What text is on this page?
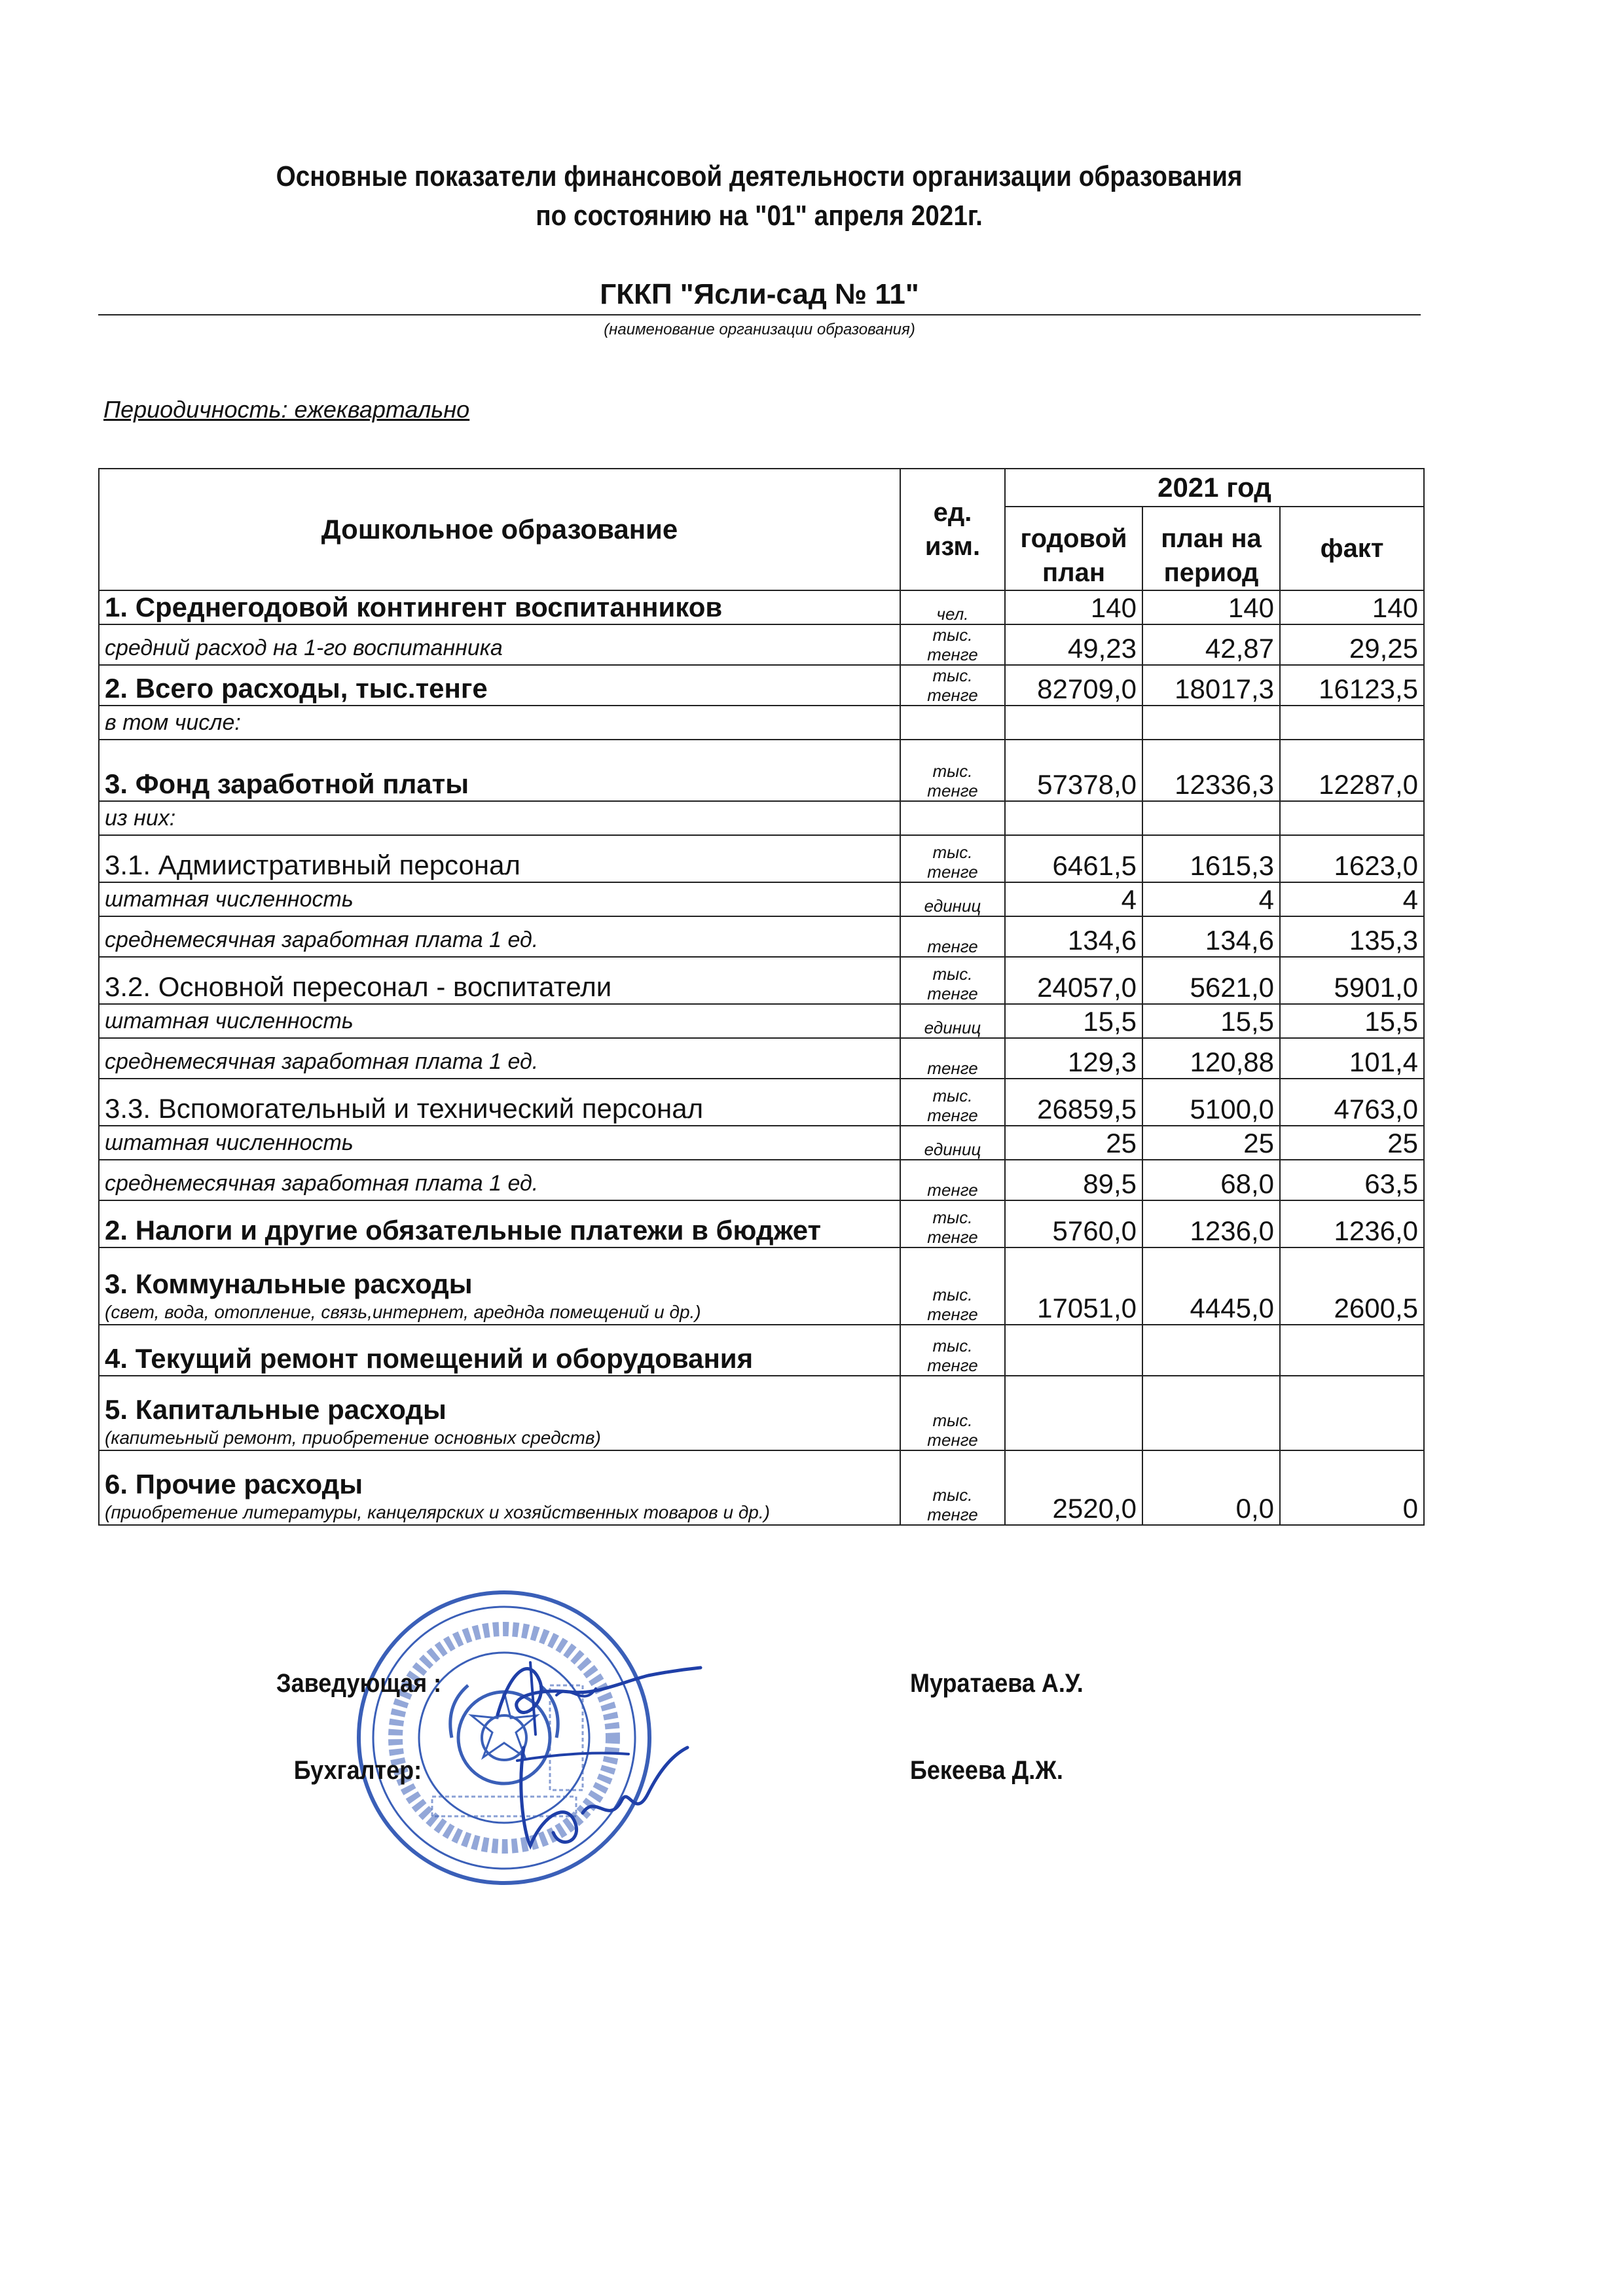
Основные показатели финансовой деятельности организации образования
по состоянию на "01" апреля 2021г.
ГККП "Ясли-сад № 11"
(наименование организации образования)
Периодичность: ежеквартально
Дошкольное образование	ед. изм.	2021 год		
		годовой план	план на период	факт
1. Среднегодовой контингент воспитанников	чел.	140	140	140
средний расход на 1-го воспитанника	тыс. тенге	49,23	42,87	29,25
2. Всего расходы, тыс.тенге	тыс. тенге	82709,0	18017,3	16123,5
в том числе:				
3. Фонд заработной платы	тыс. тенге	57378,0	12336,3	12287,0
из них:				
3.1. Адмиистративный персонал	тыс. тенге	6461,5	1615,3	1623,0
штатная численность	единиц	4	4	4
среднемесячная заработная плата 1 ед.	тенге	134,6	134,6	135,3
3.2. Основной пересонал - воспитатели	тыс. тенге	24057,0	5621,0	5901,0
штатная численность	единиц	15,5	15,5	15,5
среднемесячная заработная плата 1 ед.	тенге	129,3	120,88	101,4
3.3. Вспомогательный и технический персонал	тыс. тенге	26859,5	5100,0	4763,0
штатная численность	единиц	25	25	25
среднемесячная заработная плата 1 ед.	тенге	89,5	68,0	63,5
2. Налоги и другие обязательные платежи в бюджет	тыс. тенге	5760,0	1236,0	1236,0
3. Коммунальные расходы
(свет, вода, отопление, связь,интернет, ареднда помещений и др.)	тыс. тенге	17051,0	4445,0	2600,5
4. Текущий ремонт помещений и оборудования	тыс. тенге			
5. Капитальные расходы
(капитеьный ремонт, приобретение основных средств)	тыс. тенге			
6. Прочие расходы
(приобретение литературы, канцелярских и хозяйственных товаров и др.)	тыс. тенге	2520,0	0,0	0
Заведующая :	Муратаева А.У.
Бухгалтер:	Бекеева Д.Ж.
